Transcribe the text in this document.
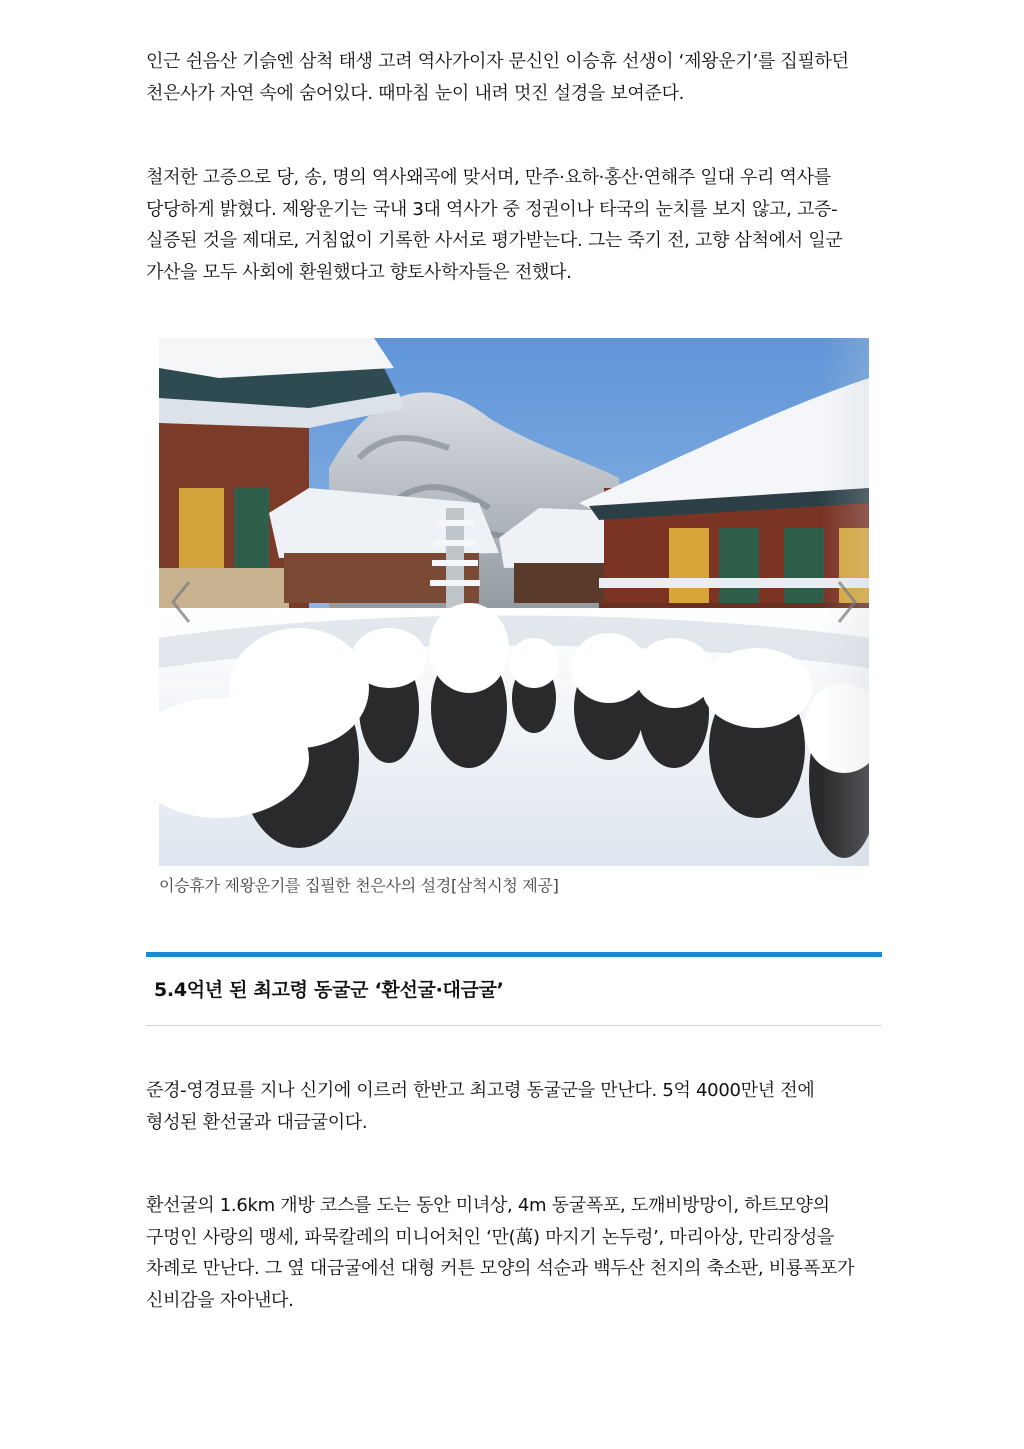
인근 쉰음산 기슭엔 삼척 태생 고려 역사가이자 문신인 이승휴 선생이 ‘제왕운기’를 집필하던
천은사가 자연 속에 숨어있다. 때마침 눈이 내려 멋진 설경을 보여준다.

철저한 고증으로 당, 송, 명의 역사왜곡에 맞서며, 만주·요하·홍산·연해주 일대 우리 역사를
당당하게 밝혔다. 제왕운기는 국내 3대 역사가 중 정권이나 타국의 눈치를 보지 않고, 고증-
실증된 것을 제대로, 거침없이 기록한 사서로 평가받는다. 그는 죽기 전, 고향 삼척에서 일군
가산을 모두 사회에 환원했다고 향토사학자들은 전했다.

준경-영경묘를 지나 신기에 이르러 한반고 최고령 동굴군을 만난다. 5억 4000만년 전에
형성된 환선굴과 대금굴이다.

환선굴의 1.6km 개방 코스를 도는 동안 미녀상, 4m 동굴폭포, 도깨비방망이, 하트모양의
구멍인 사랑의 맹세, 파묵칼레의 미니어처인 ‘만(萬) 마지기 논두렁’, 마리아상, 만리장성을
차례로 만난다. 그 옆 대금굴에선 대형 커튼 모양의 석순과 백두산 천지의 축소판, 비룡폭포가
신비감을 자아낸다.

이승휴가 제왕운기를 집필한 천은사의 설경[삼척시청 제공]
5.4억년 된 최고령 동굴군 ‘환선굴·대금굴’
